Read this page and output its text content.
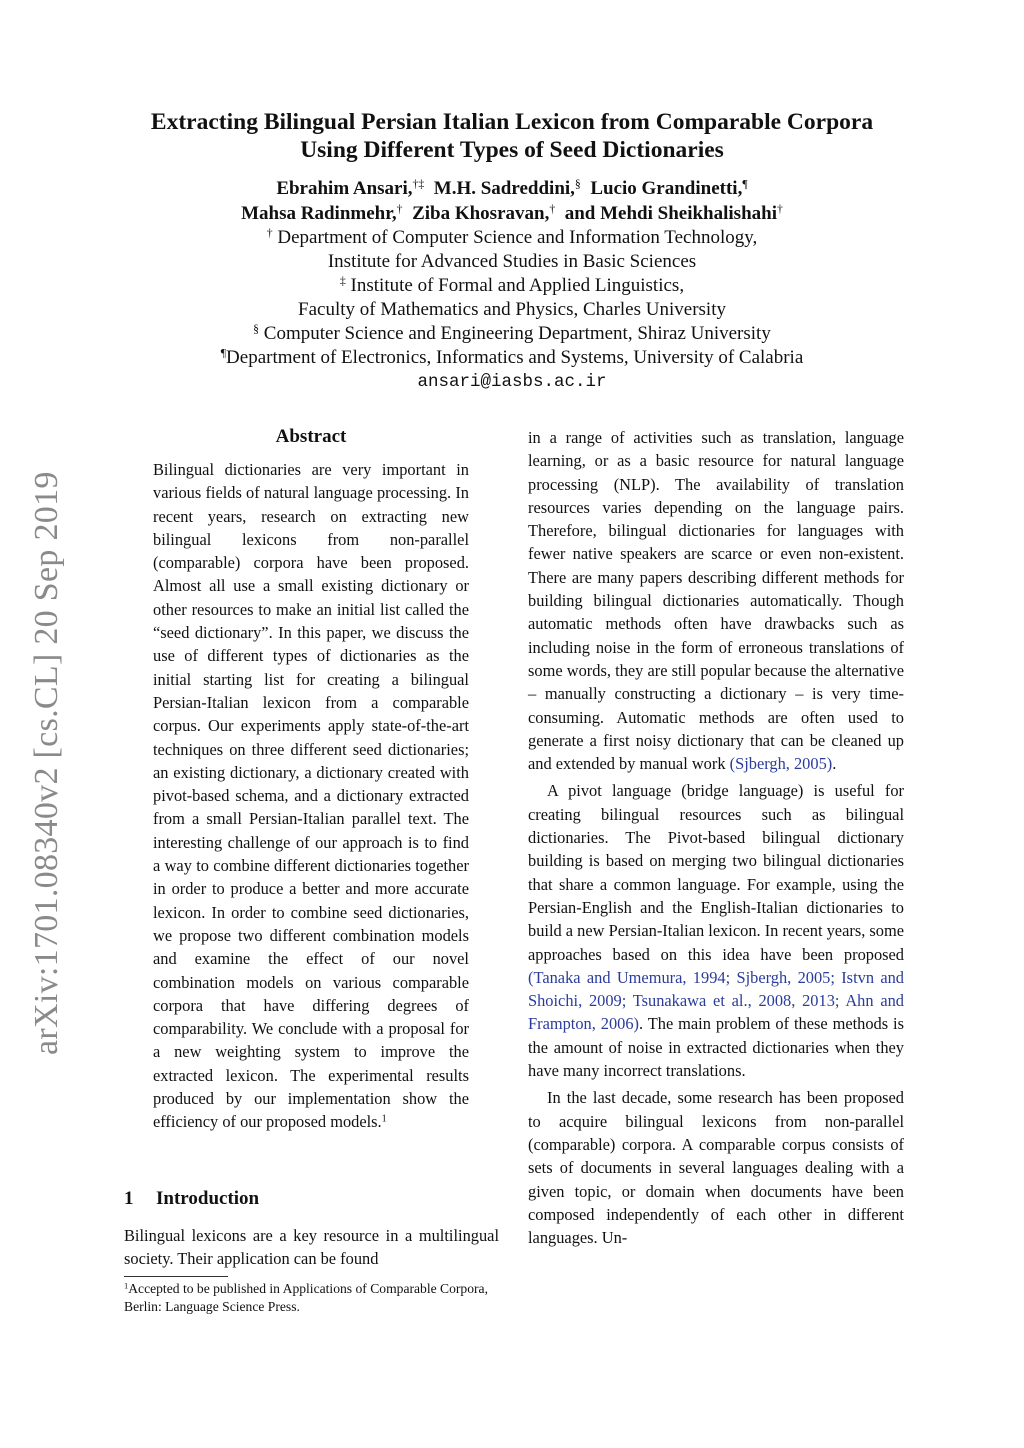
arXiv:1701.08340v2 [cs.CL] 20 Sep 2019
Extracting Bilingual Persian Italian Lexicon from Comparable Corpora
Using Different Types of Seed Dictionaries
Ebrahim Ansari,†‡ M.H. Sadreddini,§ Lucio Grandinetti,¶
Mahsa Radinmehr,† Ziba Khosravan,† and Mehdi Sheikhalishahi†
† Department of Computer Science and Information Technology,
Institute for Advanced Studies in Basic Sciences
‡ Institute of Formal and Applied Linguistics,
Faculty of Mathematics and Physics, Charles University
§ Computer Science and Engineering Department, Shiraz University
¶Department of Electronics, Informatics and Systems, University of Calabria
ansari@iasbs.ac.ir
Abstract

Bilingual dictionaries are very important in various fields of natural language processing. In recent years, research on extracting new bilingual lexicons from non-parallel (comparable) corpora have been proposed. Almost all use a small existing dictionary or other resources to make an initial list called the “seed dictionary”. In this paper, we discuss the use of different types of dictionaries as the initial starting list for creating a bilingual Persian-Italian lexicon from a comparable corpus. Our experiments apply state-of-the-art techniques on three different seed dictionaries; an existing dictionary, a dictionary created with pivot-based schema, and a dictionary extracted from a small Persian-Italian parallel text. The interesting challenge of our approach is to find a way to combine different dictionaries together in order to produce a better and more accurate lexicon. In order to combine seed dictionaries, we propose two different combination models and examine the effect of our novel combination models on various comparable corpora that have differing degrees of comparability. We conclude with a proposal for a new weighting system to improve the extracted lexicon. The experimental results produced by our implementation show the efficiency of our proposed models.$^1$

1 Introduction

Bilingual lexicons are a key resource in a multilingual society. Their application can be found

$^1$Accepted to be published in Applications of Comparable Corpora, Berlin: Language Science Press.

in a range of activities such as translation, language learning, or as a basic resource for natural language processing (NLP). The availability of translation resources varies depending on the language pairs. Therefore, bilingual dictionaries for languages with fewer native speakers are scarce or even non-existent. There are many papers describing different methods for building bilingual dictionaries automatically. Though automatic methods often have drawbacks such as including noise in the form of erroneous translations of some words, they are still popular because the alternative – manually constructing a dictionary – is very time-consuming. Automatic methods are often used to generate a first noisy dictionary that can be cleaned up and extended by manual work (Sjbergh, 2005).

A pivot language (bridge language) is useful for creating bilingual resources such as bilingual dictionaries. The Pivot-based bilingual dictionary building is based on merging two bilingual dictionaries that share a common language. For example, using the Persian-English and the English-Italian dictionaries to build a new Persian-Italian lexicon. In recent years, some approaches based on this idea have been proposed (Tanaka and Umemura, 1994; Sjbergh, 2005; Istvn and Shoichi, 2009; Tsunakawa et al., 2008, 2013; Ahn and Frampton, 2006). The main problem of these methods is the amount of noise in extracted dictionaries when they have many incorrect translations.

In the last decade, some research has been proposed to acquire bilingual lexicons from non-parallel (comparable) corpora. A comparable corpus consists of sets of documents in several languages dealing with a given topic, or domain when documents have been composed independently of each other in different languages. Un-
